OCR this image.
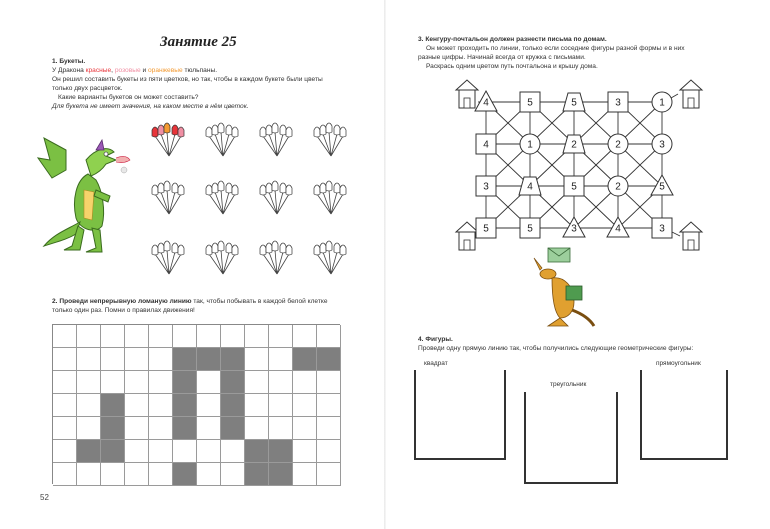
Занятие 25
1. Букеты.
У Дракона красные, розовые и оранжевые тюльпаны.
Он решил составить букеты из пяти цветков, но так, чтобы в каждом букете были цветы
только двух расцветок.
Какие варианты букетов он может составить?
Для букета не имеет значения, на каком месте в нём цветок.
2. Проведи непрерывную ломаную линию так, чтобы побывать в каждой белой клетке
только один раз. Помни о правилах движения!
52
3. Кенгуру-почтальон должен разнести письма по домам.
Он может проходить по линии, только если соседние фигуры разной формы и в них
разные цифры. Начинай всегда от кружка с письмами.
Раскрась одним цветом путь почтальона и крышу дома.
4	5	5	3	1
4	1	2	2	3
3	4	5	2	5
5	5	3	4	3
4. Фигуры.
Проведи одну прямую линию так, чтобы получились следующие геометрические фигуры:
квадрат
треугольник
прямоугольник
